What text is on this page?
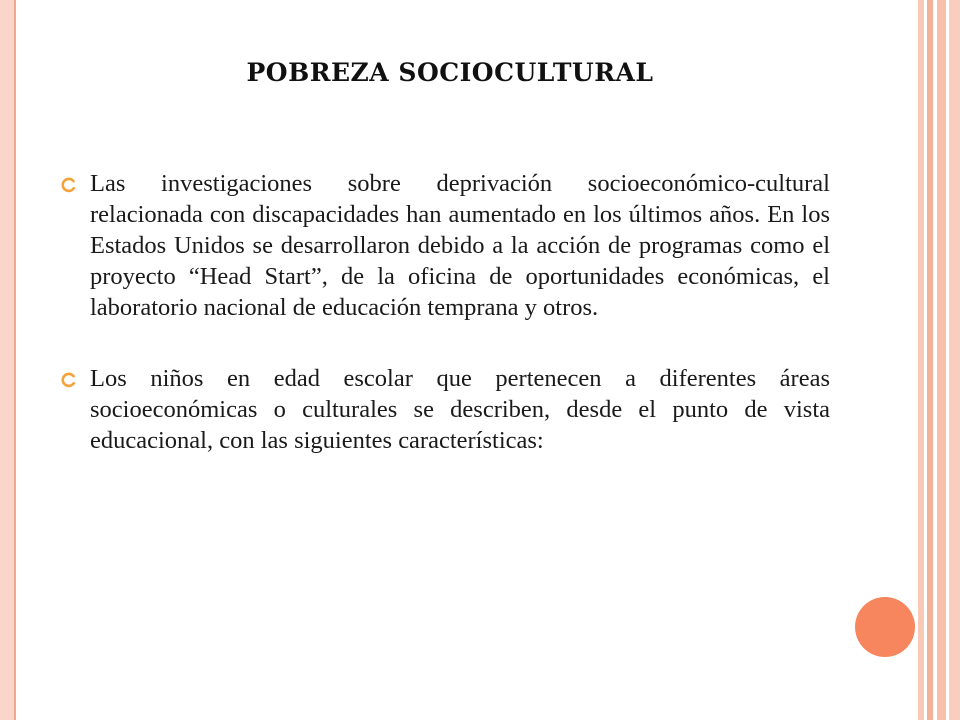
POBREZA SOCIOCULTURAL

Las investigaciones sobre deprivación socioeconómico-cultural relacionada con discapacidades han aumentado en los últimos años. En los Estados Unidos se desarrollaron debido a la acción de programas como el proyecto “Head Start”, de la oficina de oportunidades económicas, el laboratorio nacional de educación temprana y otros.

Los niños en edad escolar que pertenecen a diferentes áreas socioeconómicas o culturales se describen, desde el punto de vista educacional, con las siguientes características:
